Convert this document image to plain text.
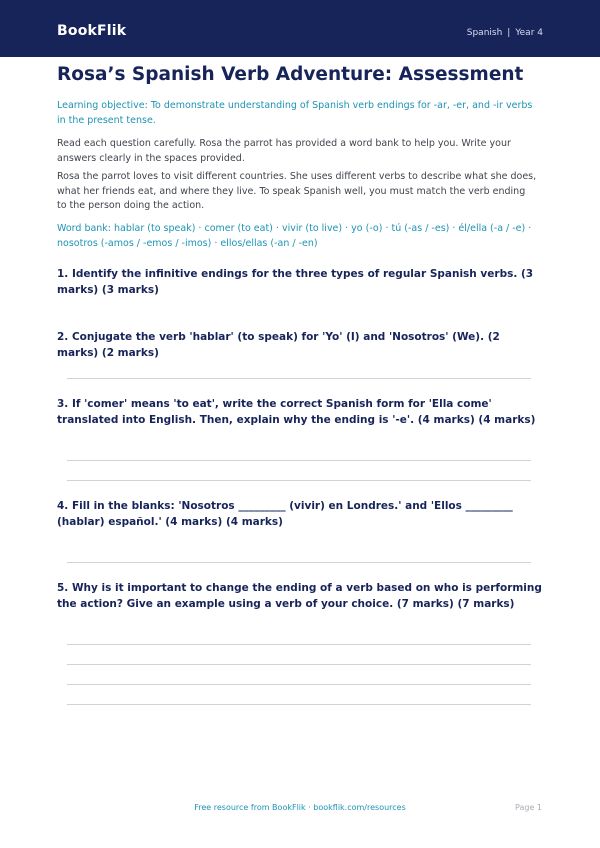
BookFlik	Spanish | Year 4
Rosa’s Spanish Verb Adventure: Assessment

Learning objective: To demonstrate understanding of Spanish verb endings for -ar, -er, and -ir verbs in the present tense.

Read each question carefully. Rosa the parrot has provided a word bank to help you. Write your answers clearly in the spaces provided.

Rosa the parrot loves to visit different countries. She uses different verbs to describe what she does, what her friends eat, and where they live. To speak Spanish well, you must match the verb ending to the person doing the action.

Word bank: hablar (to speak) · comer (to eat) · vivir (to live) · yo (-o) · tú (-as / -es) · él/ella (-a / -e) · nosotros (-amos / -emos / -imos) · ellos/ellas (-an / -en)

1. Identify the infinitive endings for the three types of regular Spanish verbs. (3 marks) (3 marks)

2. Conjugate the verb 'hablar' (to speak) for 'Yo' (I) and 'Nosotros' (We). (2 marks) (2 marks)

3. If 'comer' means 'to eat', write the correct Spanish form for 'Ella come' translated into English. Then, explain why the ending is '-e'. (4 marks) (4 marks)

4. Fill in the blanks: 'Nosotros _________ (vivir) en Londres.' and 'Ellos _________ (hablar) español.' (4 marks) (4 marks)

5. Why is it important to change the ending of a verb based on who is performing the action? Give an example using a verb of your choice. (7 marks) (7 marks)

Free resource from BookFlik · bookflik.com/resources	Page 1
